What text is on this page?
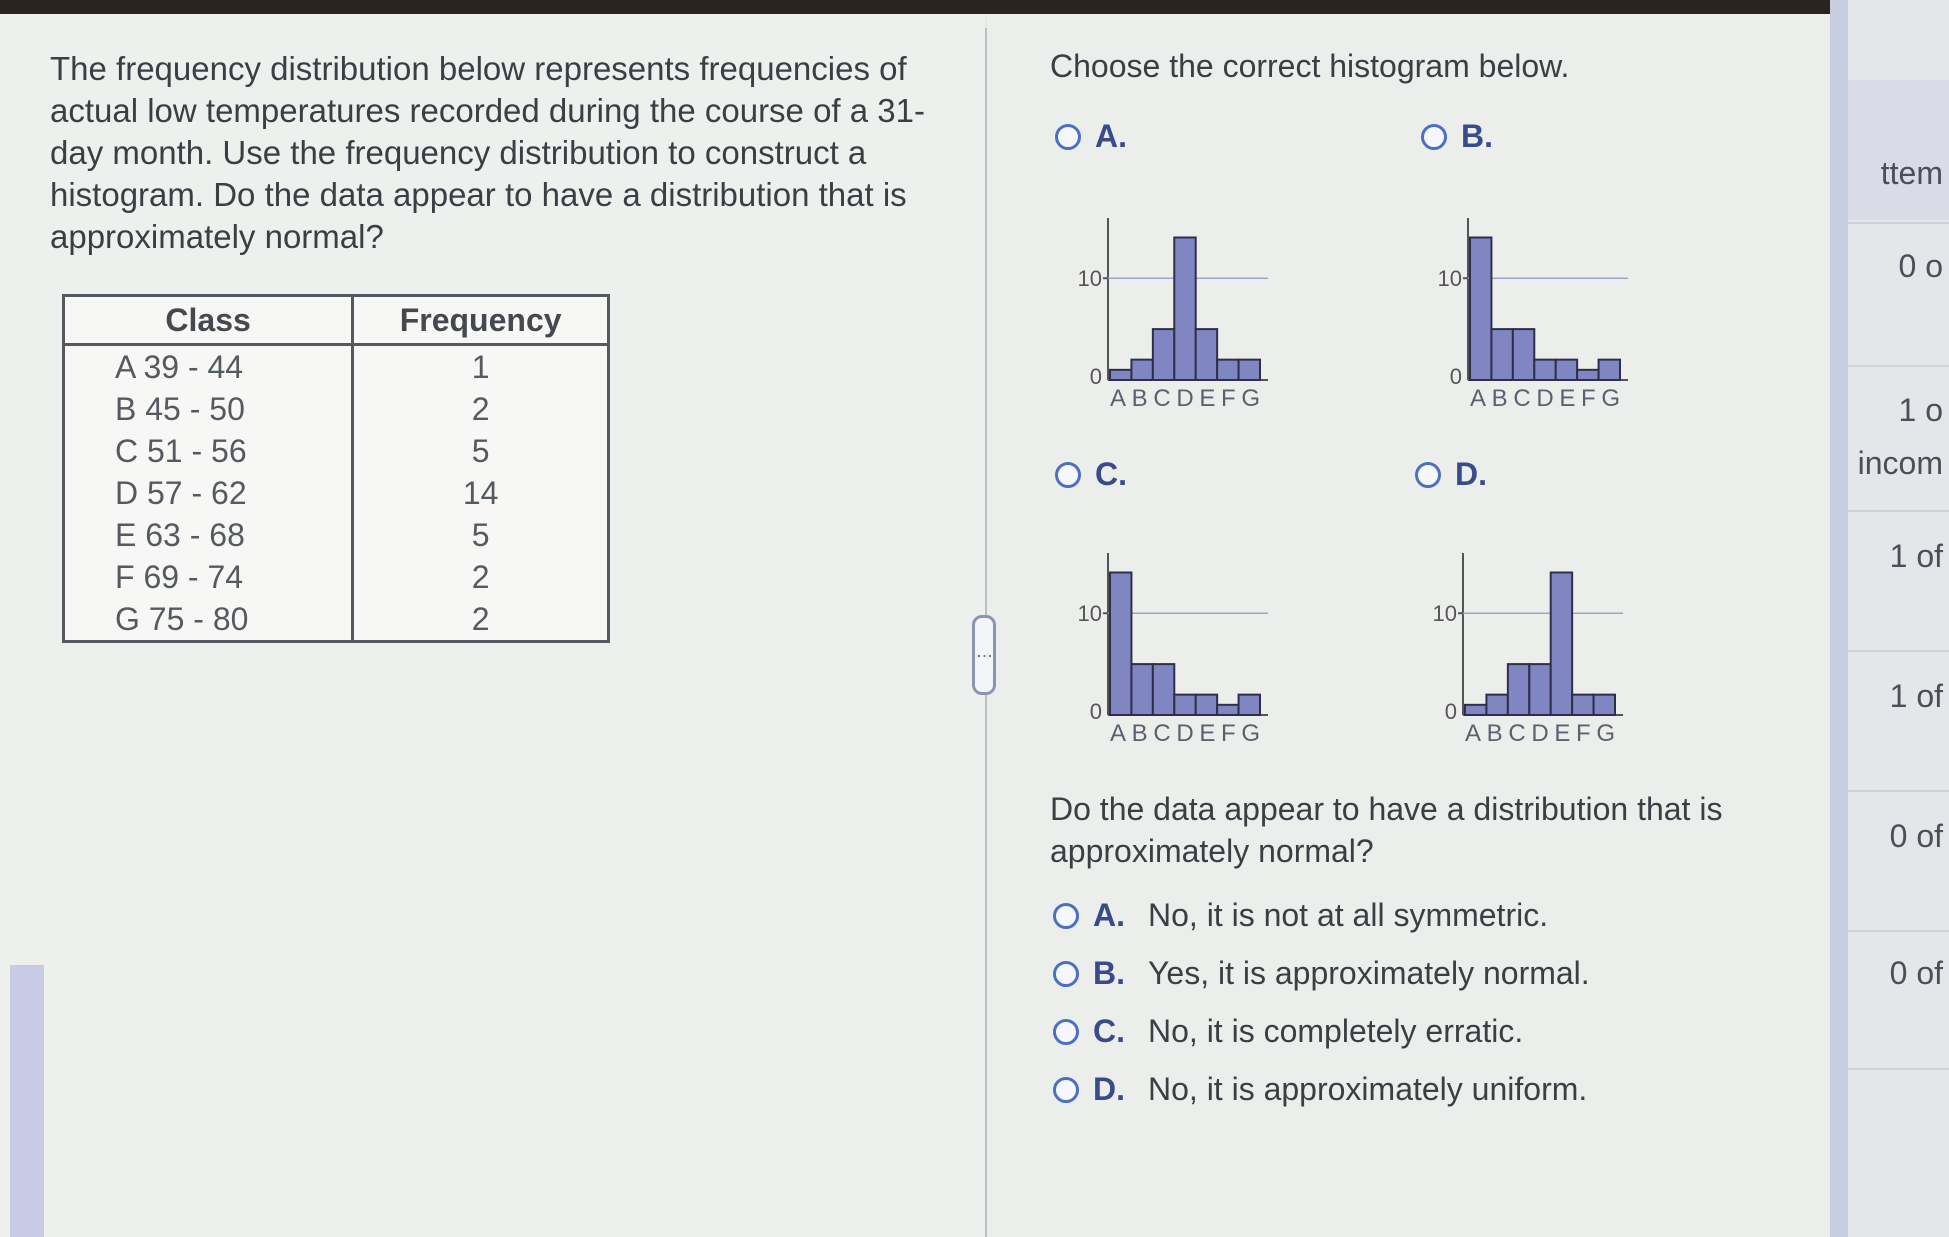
The frequency distribution below represents frequencies of actual low temperatures recorded during the course of a 31-day month. Use the frequency distribution to construct a histogram. Do the data appear to have a distribution that is approximately normal?

Class	Frequency
A 39 - 44	1
B 45 - 50	2
C 51 - 56	5
D 57 - 62	14
E 63 - 68	5
F 69 - 74	2
G 75 - 80	2
⋮
Choose the correct histogram below.
A.	B.
C.	D.
10
0
ABCDEFG
10
0
ABCDEFG
10
0
ABCDEFG
10
0
ABCDEFG

Do the data appear to have a distribution that is approximately normal?

A. No, it is not at all symmetric.
B. Yes, it is approximately normal.
C. No, it is completely erratic.
D. No, it is approximately uniform.
ttem
0 o
1 o
incom
1 of
1 of
0 of
0 of
